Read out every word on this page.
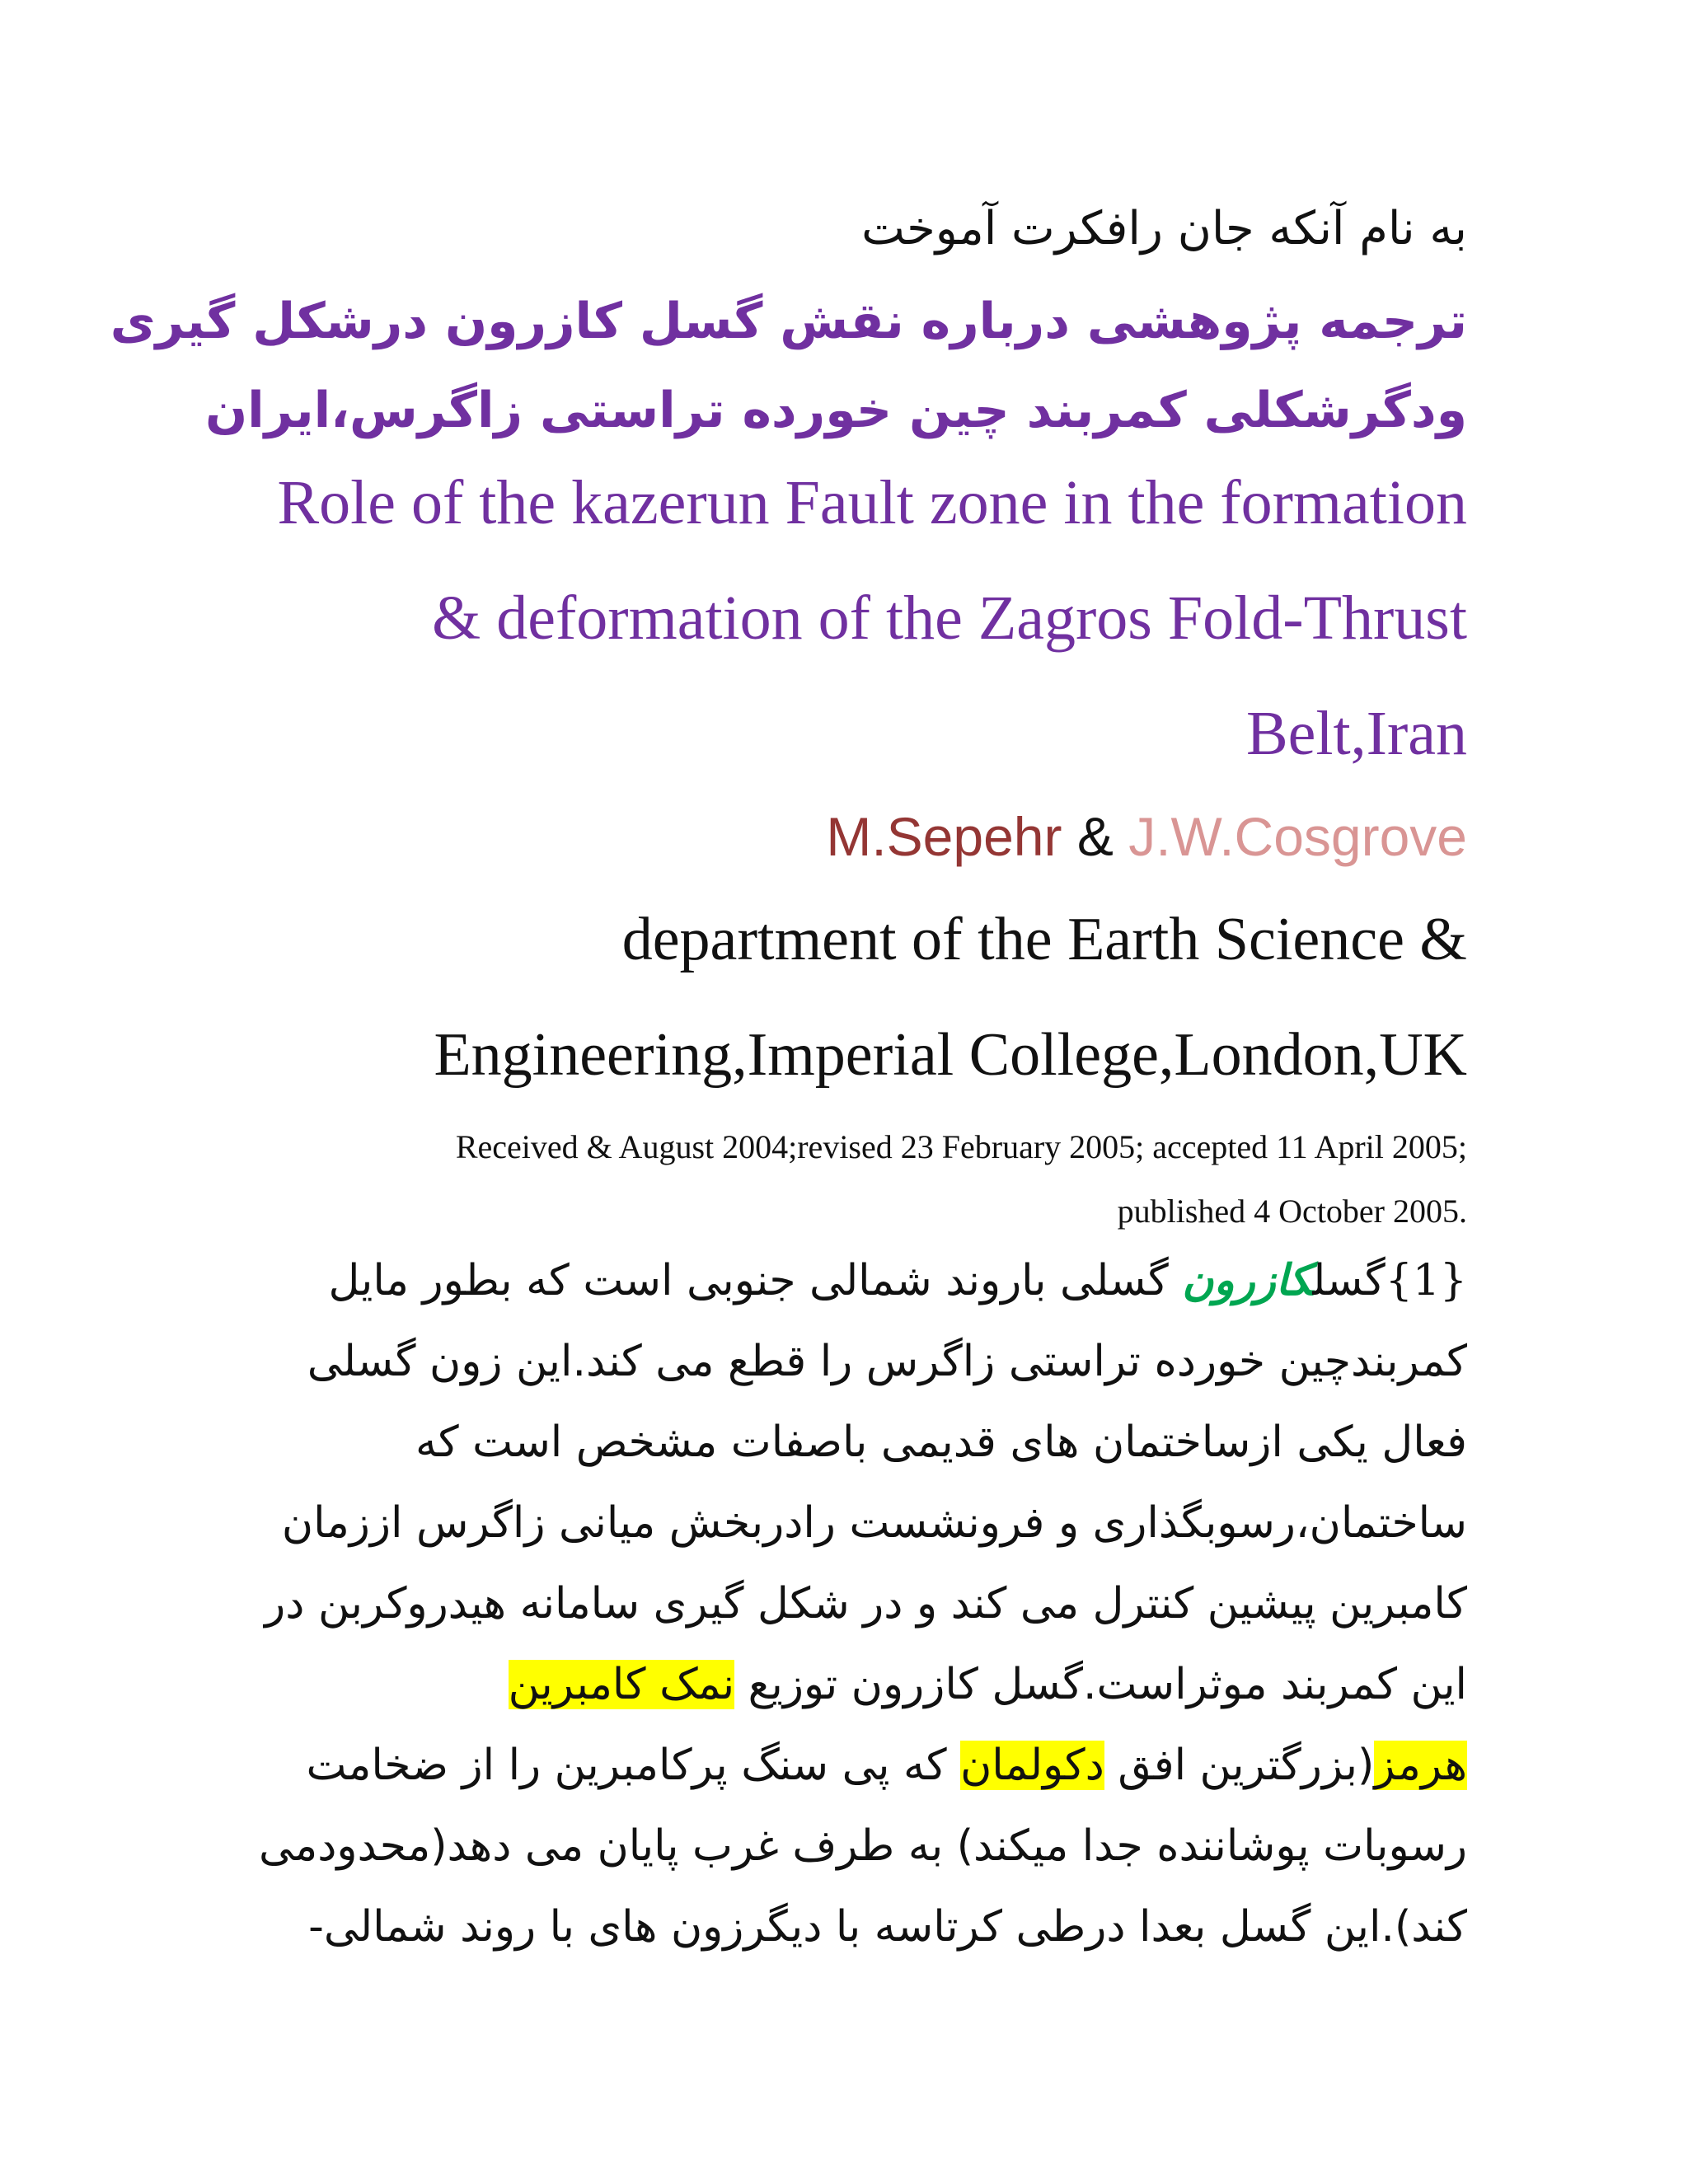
به نام آنکه جان رافکرت آموخت

ترجمه پژوهشی درباره نقش گسل کازرون درشکل گیری

ودگرشکلی کمربند چین خورده تراستی زاگرس،ایران

Role of the kazerun Fault zone in the formation

& deformation of the Zagros Fold-Thrust

Belt,Iran

M.Sepehr & J.W.Cosgrove

department of the Earth Science &

Engineering,Imperial College,London,UK

Received & August 2004;revised 23 February 2005; accepted 11 April 2005;

published 4 October 2005.

{1}گسلکازرون گسلی باروند شمالی جنوبی است که بطور مایل

کمربندچین خورده تراستی زاگرس را قطع می کند.این زون گسلی

فعال یکی ازساختمان های قدیمی باصفات مشخص است که

ساختمان،رسوبگذاری و فرونشست رادربخش میانی زاگرس اززمان

کامبرین پیشین کنترل می کند و در شکل گیری سامانه هیدروکربن در

این کمربند موثراست.گسل کازرون توزیع نمک کامبرین

هرمز(بزرگترین افق دکولمان که پی سنگ پرکامبرین را از ضخامت

رسوبات پوشاننده جدا میکند) به طرف غرب پایان می دهد(محدودمی

کند).این گسل بعدا درطی کرتاسه با دیگرزون های با روند شمالی-
